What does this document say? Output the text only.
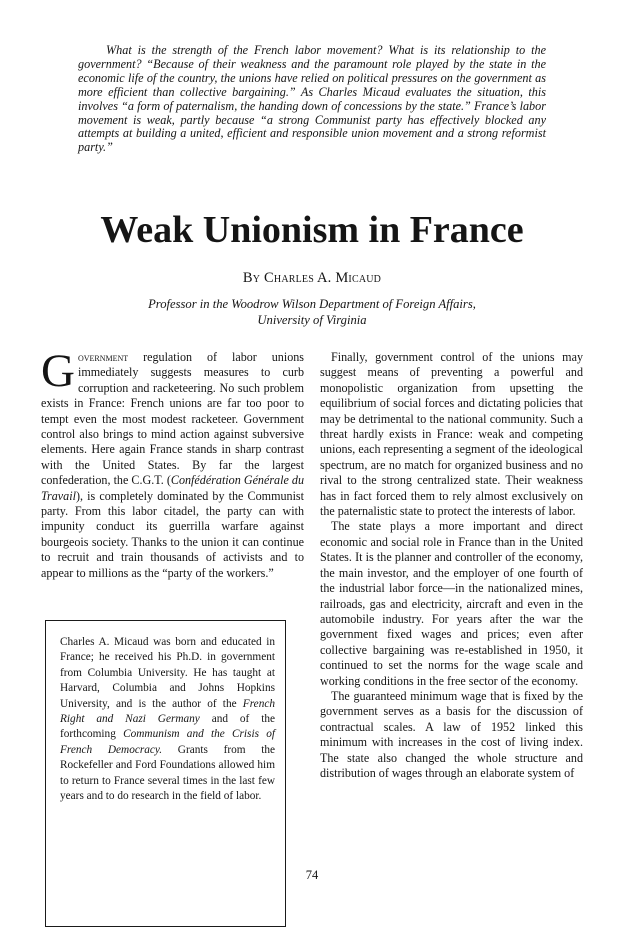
What is the strength of the French labor movement? What is its relationship to the government? “Because of their weakness and the paramount role played by the state in the economic life of the country, the unions have relied on political pressures on the government as more efficient than collective bargaining.” As Charles Micaud evaluates the situation, this involves “a form of paternalism, the handing down of concessions by the state.” France’s labor movement is weak, partly because “a strong Communist party has effectively blocked any attempts at building a united, efficient and responsible union movement and a strong reformist party.”
Weak Unionism in France
By Charles A. Micaud
Professor in the Woodrow Wilson Department of Foreign Affairs,
University of Virginia

Government regulation of labor unions immediately suggests measures to curb corruption and racketeering. No such problem exists in France: French unions are far too poor to tempt even the most modest racketeer. Government control also brings to mind action against subversive elements. Here again France stands in sharp contrast with the United States. By far the largest confederation, the C.G.T. (Confédération Générale du Travail), is completely dominated by the Communist party. From this labor citadel, the party can with impunity conduct its guerrilla warfare against bourgeois society. Thanks to the union it can continue to recruit and train thousands of activists and to appear to millions as the “party of the workers.”

Charles A. Micaud was born and educated in France; he received his Ph.D. in government from Columbia University. He has taught at Harvard, Columbia and Johns Hopkins University, and is the author of the French Right and Nazi Germany and of the forthcoming Communism and the Crisis of French Democracy. Grants from the Rockefeller and Ford Foundations allowed him to return to France several times in the last few years and to do research in the field of labor.

Finally, government control of the unions may suggest means of preventing a powerful and monopolistic organization from upsetting the equilibrium of social forces and dictating policies that may be detrimental to the national community. Such a threat hardly exists in France: weak and competing unions, each representing a segment of the ideological spectrum, are no match for organized business and no rival to the strong centralized state. Their weakness has in fact forced them to rely almost exclusively on the paternalistic state to protect the interests of labor.

The state plays a more important and direct economic and social role in France than in the United States. It is the planner and controller of the economy, the main investor, and the employer of one fourth of the industrial labor force—in the nationalized mines, railroads, gas and electricity, aircraft and even in the automobile industry. For years after the war the government fixed wages and prices; even after collective bargaining was re-established in 1950, it continued to set the norms for the wage scale and working conditions in the free sector of the economy.

The guaranteed minimum wage that is fixed by the government serves as a basis for the discussion of contractual scales. A law of 1952 linked this minimum with increases in the cost of living index. The state also changed the whole structure and distribution of wages through an elaborate system of

74
